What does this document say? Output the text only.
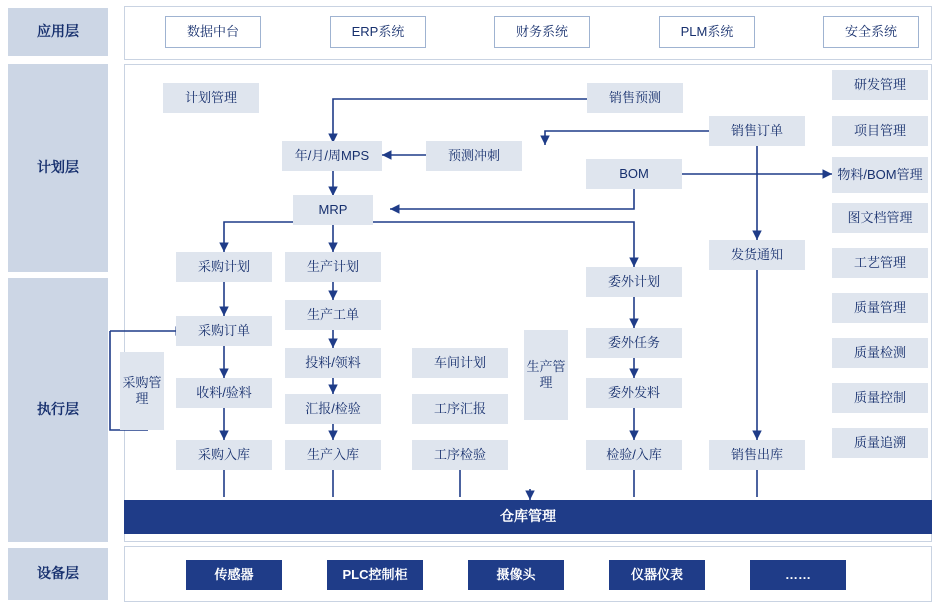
应用层
计划层
执行层
设备层
数据中台	ERP系统	财务系统	PLM系统	安全系统
研发管理
项目管理
物料/BOM管理
图文档管理
工艺管理
质量管理
质量检测
质量控制
质量追溯
计划管理	销售预测
销售订单
年/月/周MPS	预测冲刺
BOM
MRP
采购计划	生产计划
委外计划
发货通知
采购订单
生产工单
委外任务
投料/领料	车间计划
委外发料
收料/验料
汇报/检验	工序汇报
采购入库	生产入库	工序检验	检验/入库	销售出库
采购管理
生产管理
仓库管理
传感器	PLC控制柜	摄像头	仪器仪表	……
